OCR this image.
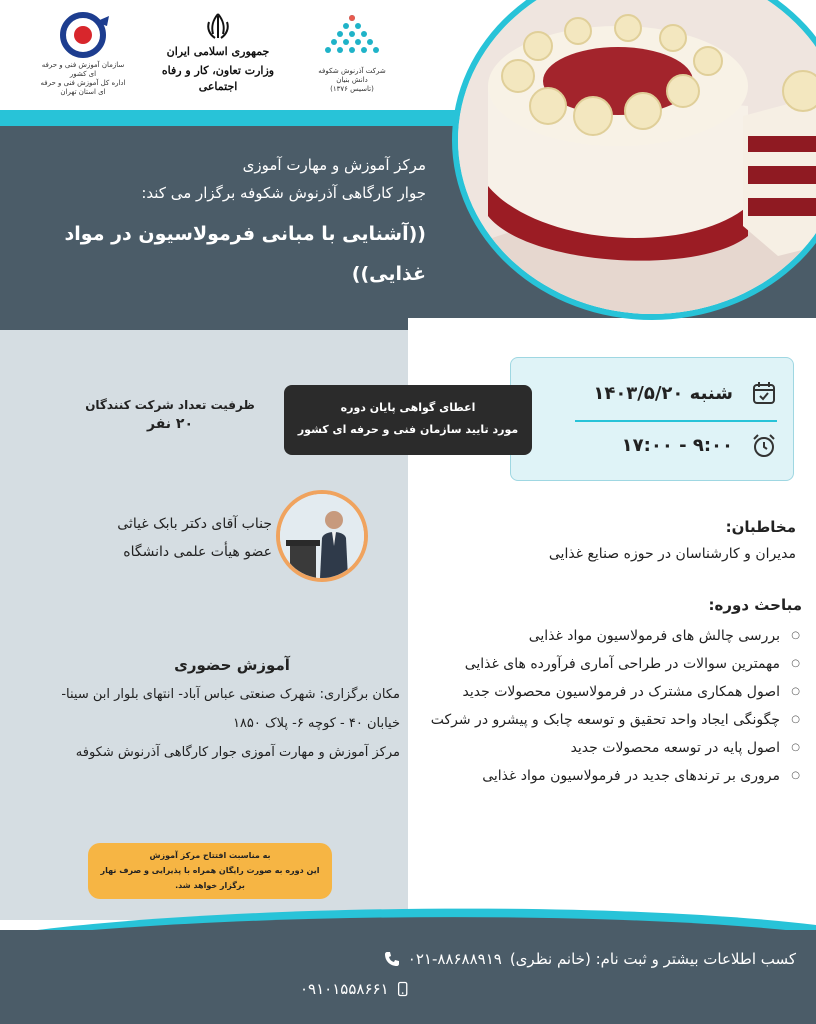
سازمان آموزش فنی و حرفه ای کشور
اداره کل آموزش فنی و حرفه ای استان تهران
جمهوری اسلامی ایران
وزارت تعاون، کار و رفاه اجتماعی
شرکت آذرنوش شکوفه
دانش بنیان
(تاسیس ۱۳۷۶)
مرکز آموزش و مهارت آموزی
جوار کارگاهی آذرنوش شکوفه برگزار می کند:
((آشنایی با مبانی فرمولاسیون در مواد غذایی))
شنبه ۱۴۰۳/۵/۲۰
۹:۰۰ - ۱۷:۰۰
اعطای گواهی پایان دوره
مورد تایید سازمان فنی و حرفه ای کشور
ظرفیت تعداد شرکت کنندگان
۲۰ نفر
جناب آقای دکتر بابک غیاثی
عضو هیأت علمی دانشگاه
مخاطبان:
مدیران و کارشناسان در حوزه صنایع غذایی
مباحث دوره:
○ بررسی چالش های فرمولاسیون مواد غذایی
○ مهمترین سوالات در طراحی آماری فرآورده های غذایی
○ اصول همکاری مشترک در فرمولاسیون محصولات جدید
○ چگونگی ایجاد واحد تحقیق و توسعه چابک و پیشرو در شرکت
○ اصول پایه در توسعه محصولات جدید
○ مروری بر ترندهای جدید در فرمولاسیون مواد غذایی
آموزش حضوری
مکان برگزاری: شهرک صنعتی عباس آباد- انتهای بلوار ابن سینا-
خیابان ۴۰ - کوچه ۶- پلاک ۱۸۵۰
مرکز آموزش و مهارت آموزی جوار کارگاهی آذرنوش شکوفه
به مناسبت افتتاح مرکز آموزش
این دوره به صورت رایگان همراه با پذیرایی و صرف نهار
برگزار خواهد شد.
کسب اطلاعات بیشتر و ثبت نام: (خانم نظری)
۰۲۱-۸۸۶۸۸۹۱۹
۰۹۱۰۱۵۵۸۶۶۱
